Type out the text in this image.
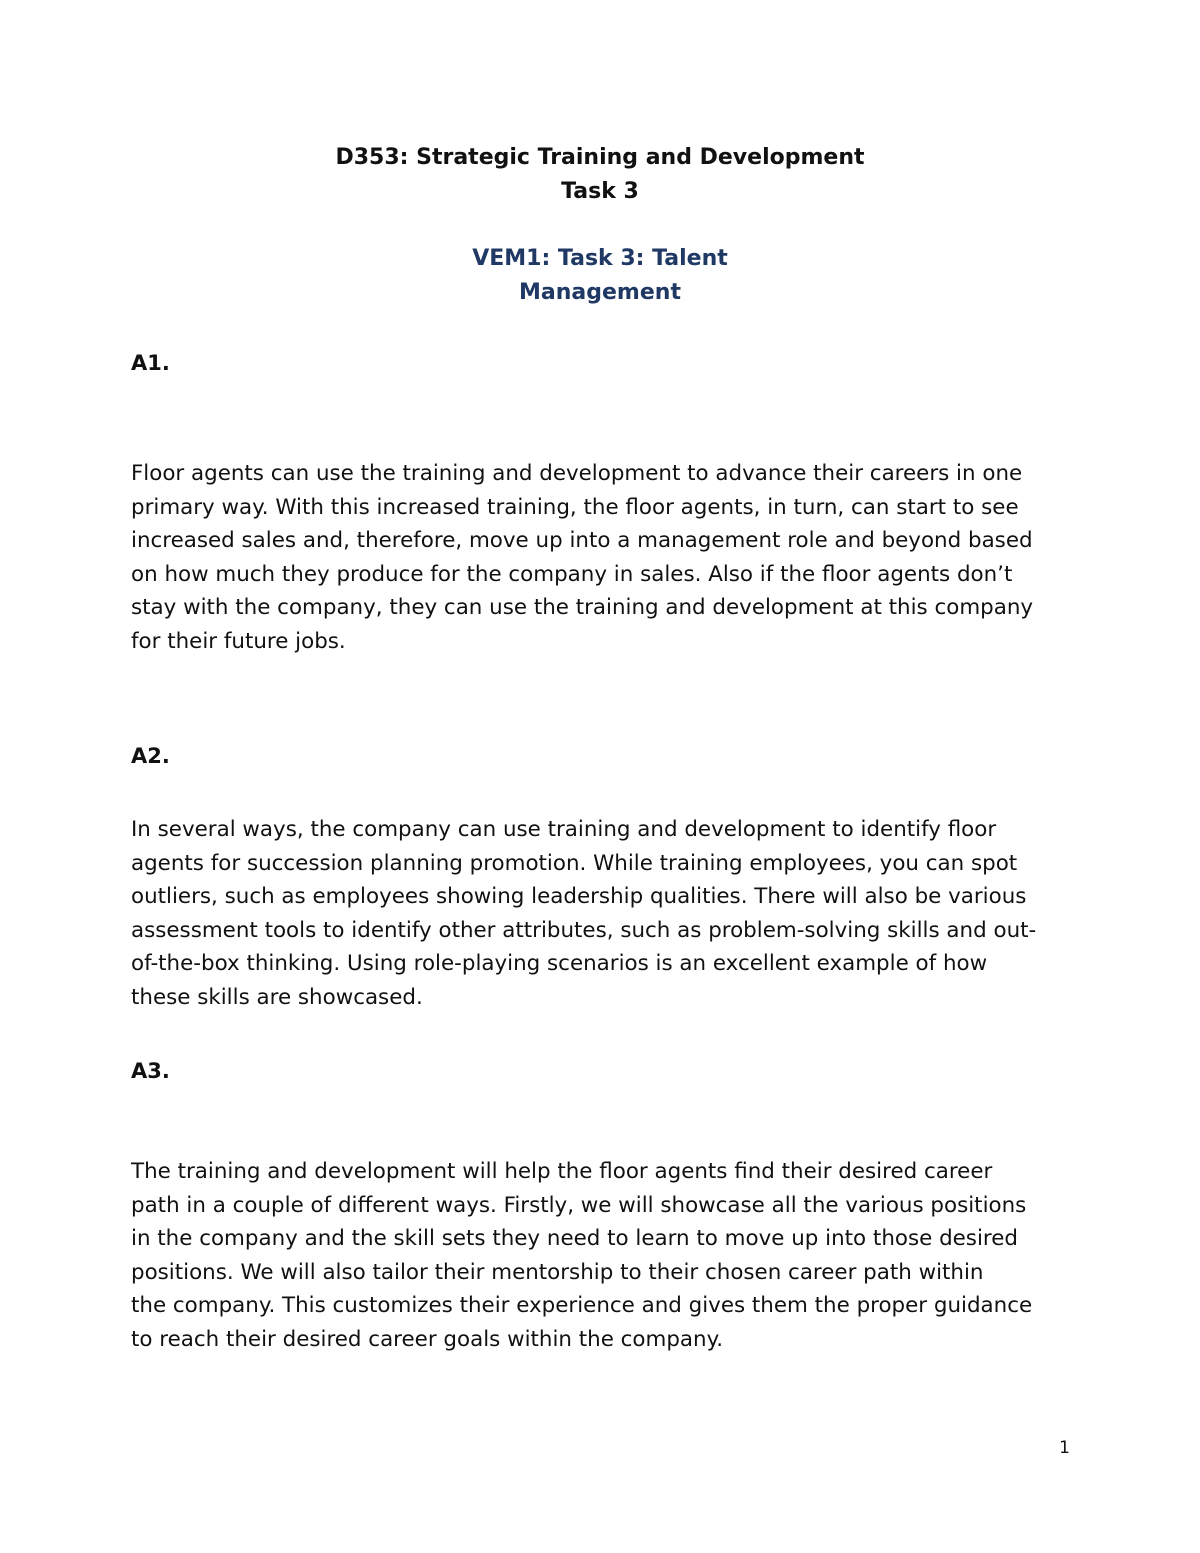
D353: Strategic Training and Development
Task 3
VEM1: Task 3: Talent
Management
A1.
Floor agents can use the training and development to advance their careers in one
primary way. With this increased training, the floor agents, in turn, can start to see
increased sales and, therefore, move up into a management role and beyond based
on how much they produce for the company in sales. Also if the floor agents don’t
stay with the company, they can use the training and development at this company
for their future jobs.
A2.
In several ways, the company can use training and development to identify floor
agents for succession planning promotion. While training employees, you can spot
outliers, such as employees showing leadership qualities. There will also be various
assessment tools to identify other attributes, such as problem-solving skills and out-
of-the-box thinking. Using role-playing scenarios is an excellent example of how
these skills are showcased.
A3.
The training and development will help the floor agents find their desired career
path in a couple of different ways. Firstly, we will showcase all the various positions
in the company and the skill sets they need to learn to move up into those desired
positions. We will also tailor their mentorship to their chosen career path within
the company. This customizes their experience and gives them the proper guidance
to reach their desired career goals within the company.
1
